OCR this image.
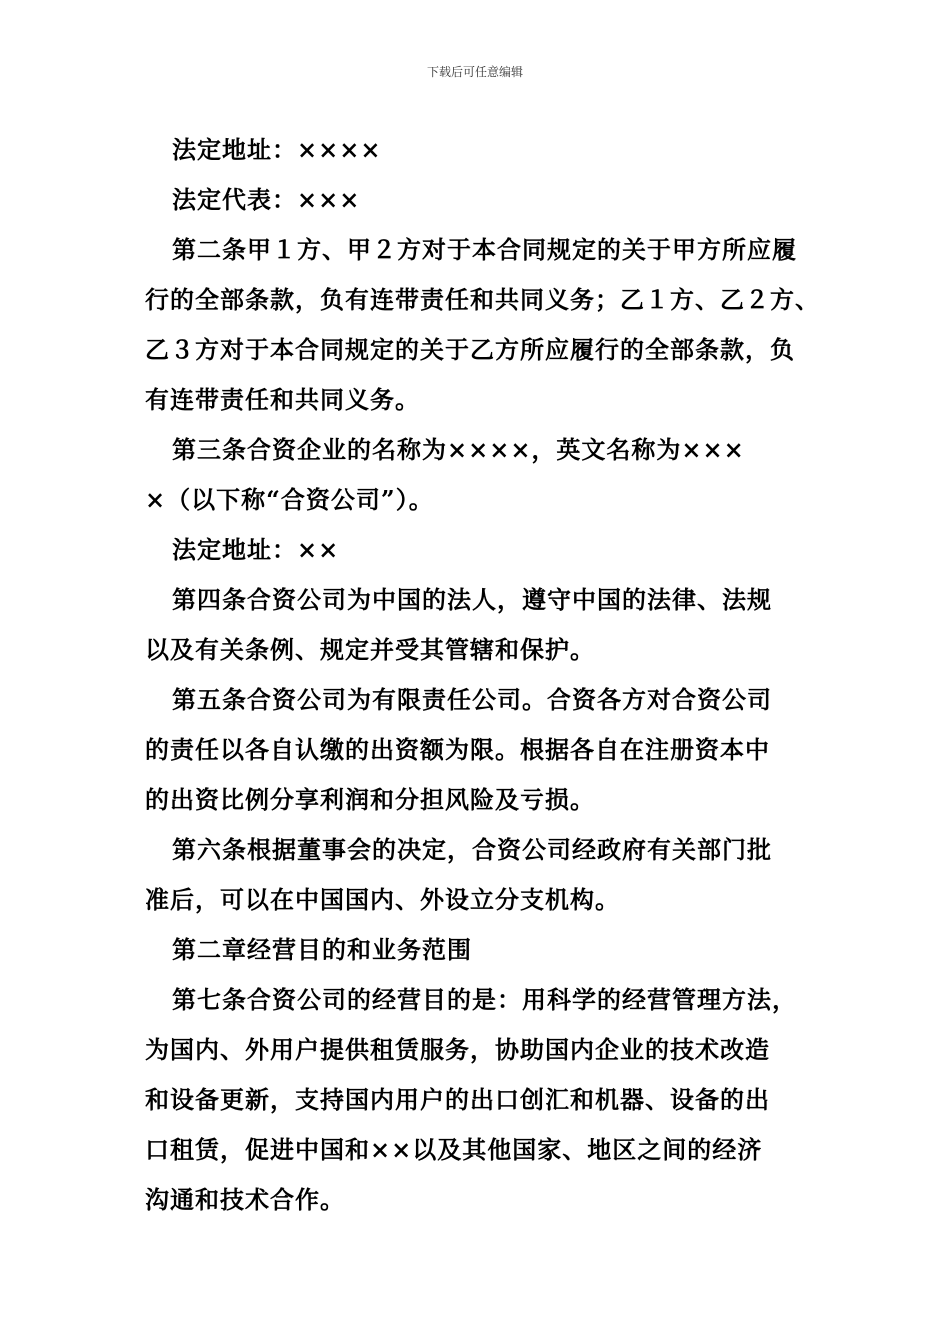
下载后可任意编辑
法定地址：××××
法定代表：×××
第二条甲１方、甲２方对于本合同规定的关于甲方所应履
行的全部条款，负有连带责任和共同义务；乙１方、乙２方、
乙３方对于本合同规定的关于乙方所应履行的全部条款，负
有连带责任和共同义务。
第三条合资企业的名称为××××，英文名称为×××
×（以下称“合资公司”）。
法定地址：××
第四条合资公司为中国的法人，遵守中国的法律、法规
以及有关条例、规定并受其管辖和保护。
第五条合资公司为有限责任公司。合资各方对合资公司
的责任以各自认缴的出资额为限。根据各自在注册资本中
的出资比例分享利润和分担风险及亏损。
第六条根据董事会的决定，合资公司经政府有关部门批
准后，可以在中国国内、外设立分支机构。
第二章经营目的和业务范围
第七条合资公司的经营目的是：用科学的经营管理方法，
为国内、外用户提供租赁服务，协助国内企业的技术改造
和设备更新，支持国内用户的出口创汇和机器、设备的出
口租赁，促进中国和××以及其他国家、地区之间的经济
沟通和技术合作。
